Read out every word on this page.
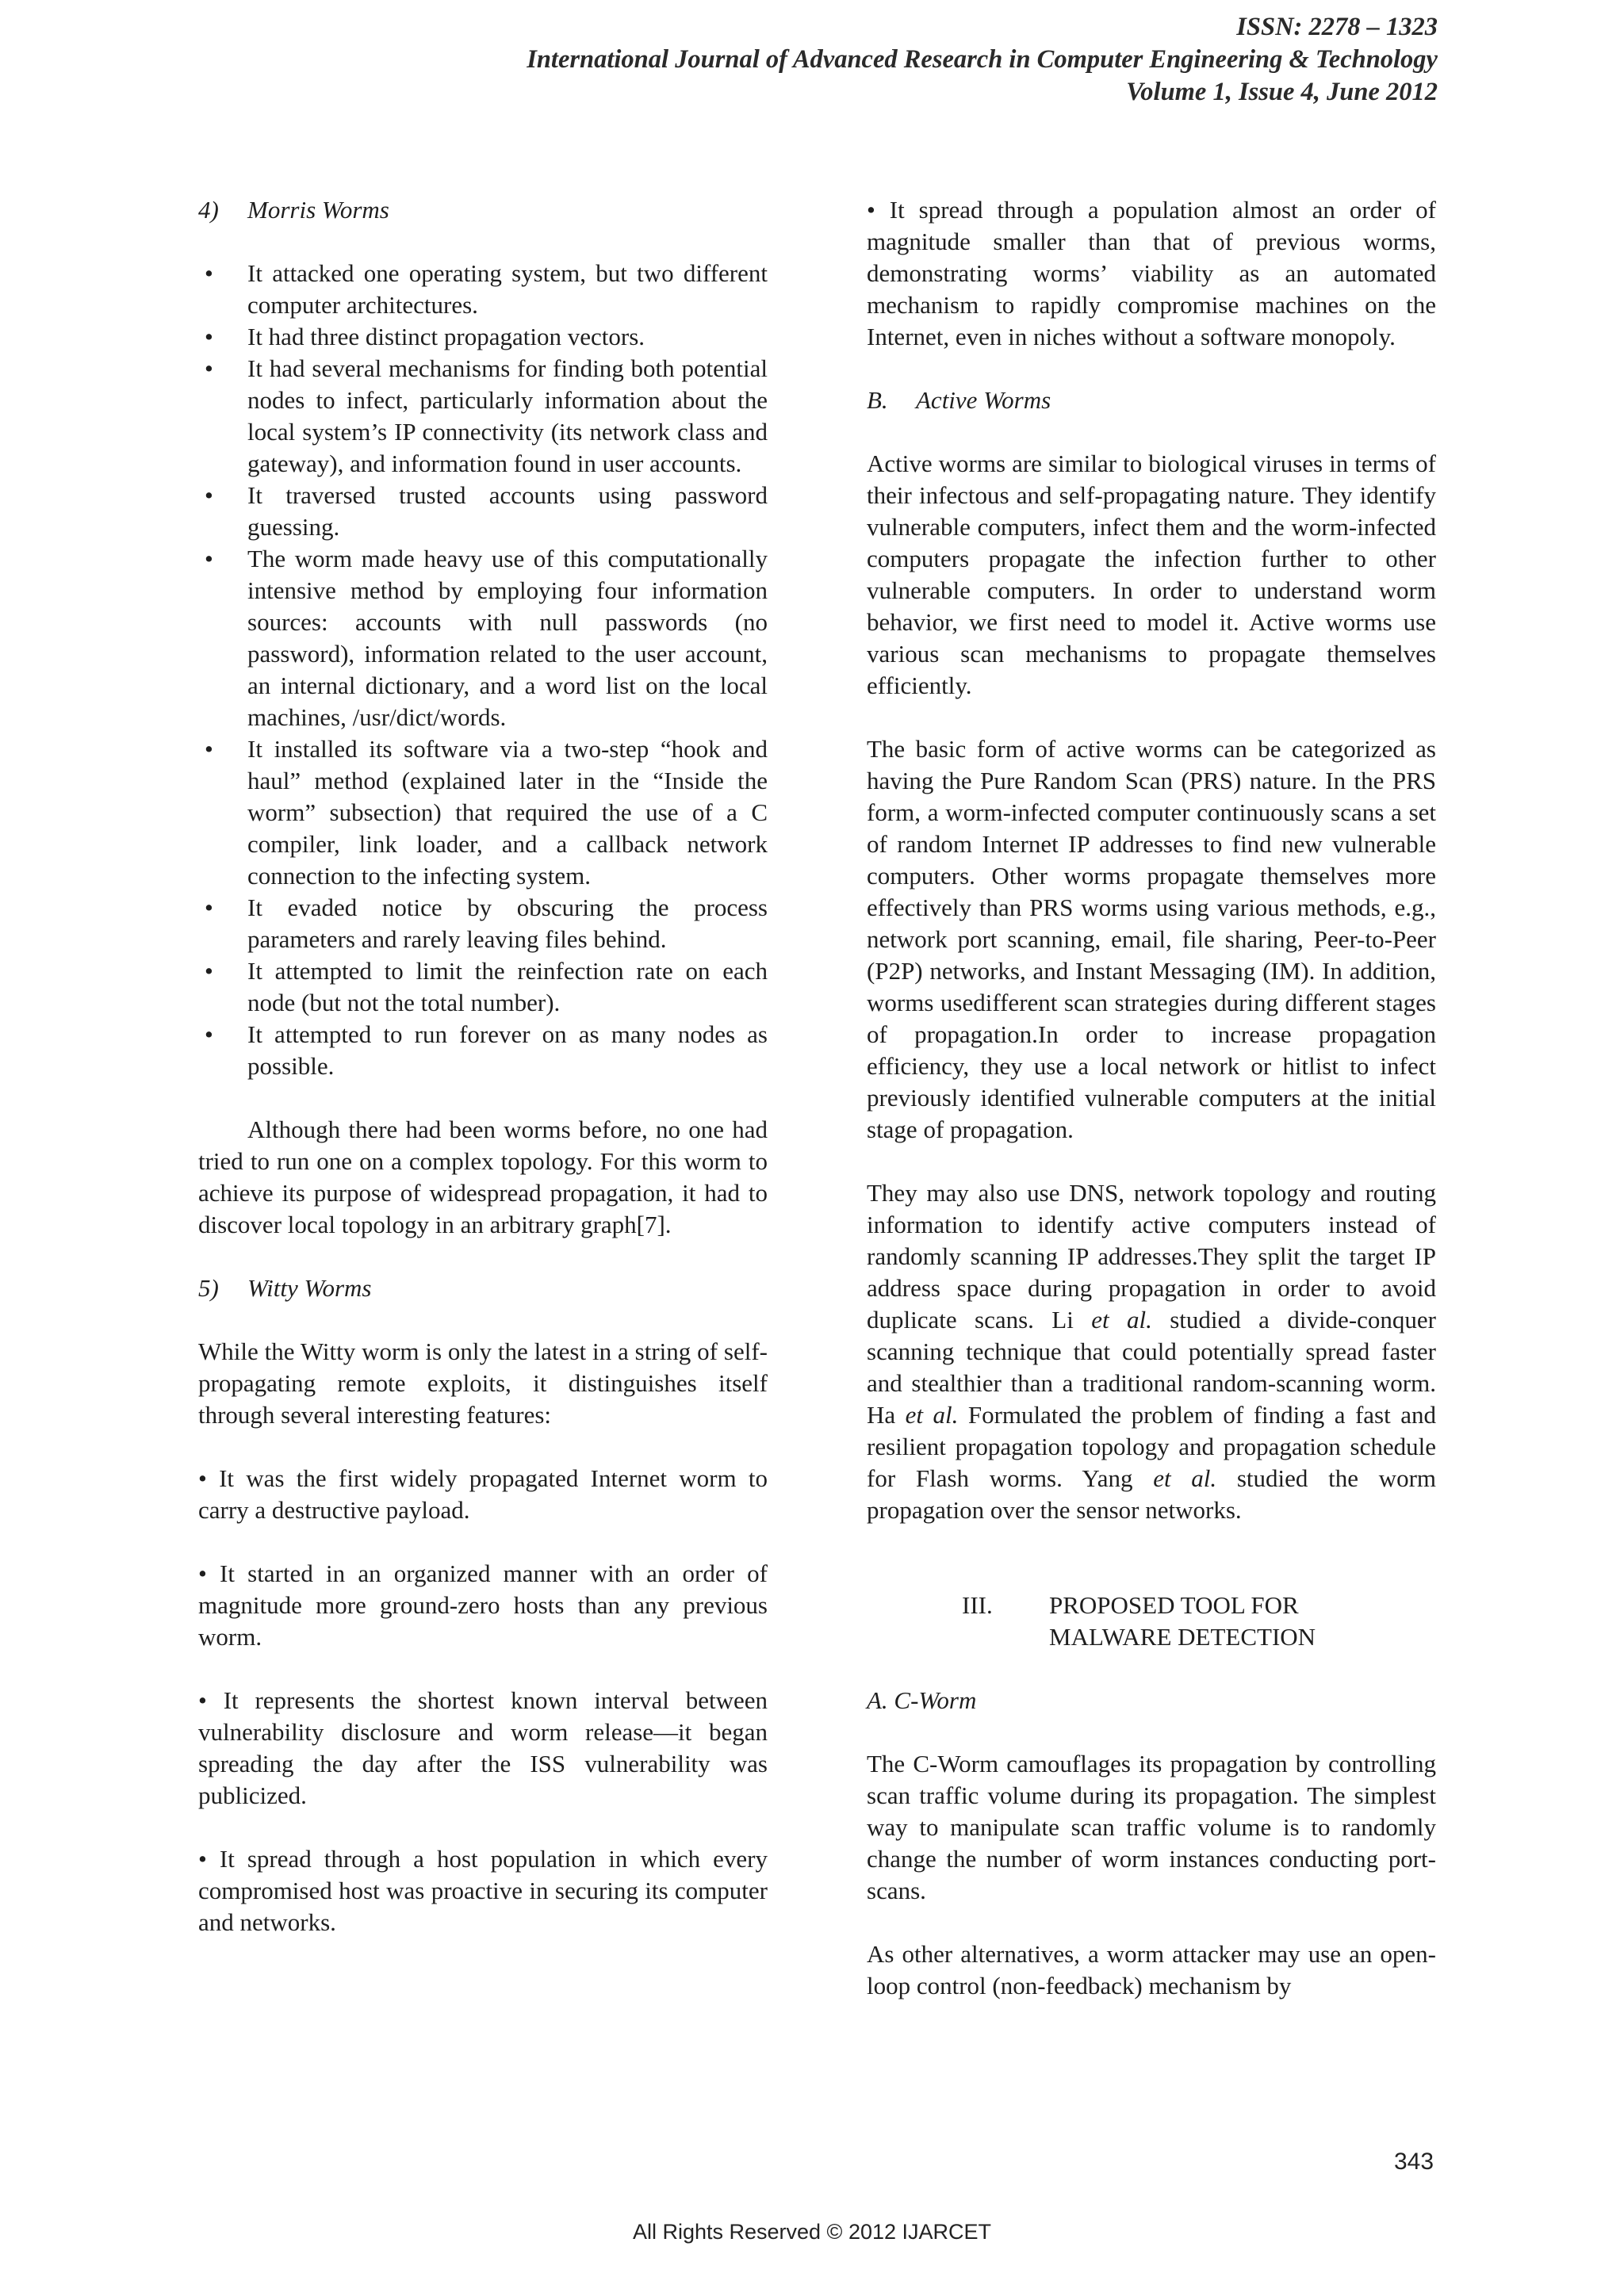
ISSN: 2278 – 1323
International Journal of Advanced Research in Computer Engineering & Technology
Volume 1, Issue 4, June 2012

4) Morris Worms

• It attacked one operating system, but two different computer architectures.
• It had three distinct propagation vectors.
• It had several mechanisms for finding both potential nodes to infect, particularly information about the local system’s IP connectivity (its network class and gateway), and information found in user accounts.
• It traversed trusted accounts using password guessing.
• The worm made heavy use of this computationally intensive method by employing four information sources: accounts with null passwords (no password), information related to the user account, an internal dictionary, and a word list on the local machines, /usr/dict/words.
• It installed its software via a two-step “hook and haul” method (explained later in the “Inside the worm” subsection) that required the use of a C compiler, link loader, and a callback network connection to the infecting system.
• It evaded notice by obscuring the process parameters and rarely leaving files behind.
• It attempted to limit the reinfection rate on each node (but not the total number).
• It attempted to run forever on as many nodes as possible.

Although there had been worms before, no one had tried to run one on a complex topology. For this worm to achieve its purpose of widespread propagation, it had to discover local topology in an arbitrary graph[7].

5) Witty Worms

While the Witty worm is only the latest in a string of self-propagating remote exploits, it distinguishes itself through several interesting features:

• It was the first widely propagated Internet worm to carry a destructive payload.

• It started in an organized manner with an order of magnitude more ground-zero hosts than any previous worm.

• It represents the shortest known interval between vulnerability disclosure and worm release—it began spreading the day after the ISS vulnerability was publicized.

• It spread through a host population in which every compromised host was proactive in securing its computer and networks.

• It spread through a population almost an order of magnitude smaller than that of previous worms, demonstrating worms’ viability as an automated mechanism to rapidly compromise machines on the Internet, even in niches without a software monopoly.

B. Active Worms

Active worms are similar to biological viruses in terms of their infectous and self-propagating nature. They identify vulnerable computers, infect them and the worm-infected computers propagate the infection further to other vulnerable computers. In order to understand worm behavior, we first need to model it. Active worms use various scan mechanisms to propagate themselves efficiently.

The basic form of active worms can be categorized as having the Pure Random Scan (PRS) nature. In the PRS form, a worm-infected computer continuously scans a set of random Internet IP addresses to find new vulnerable computers. Other worms propagate themselves more effectively than PRS worms using various methods, e.g., network port scanning, email, file sharing, Peer-to-Peer (P2P) networks, and Instant Messaging (IM). In addition, worms usedifferent scan strategies during different stages of propagation.In order to increase propagation efficiency, they use a local network or hitlist to infect previously identified vulnerable computers at the initial stage of propagation.

They may also use DNS, network topology and routing information to identify active computers instead of randomly scanning IP addresses.They split the target IP address space during propagation in order to avoid duplicate scans. Li et al. studied a divide-conquer scanning technique that could potentially spread faster and stealthier than a traditional random-scanning worm. Ha et al. Formulated the problem of finding a fast and resilient propagation topology and propagation schedule for Flash worms. Yang et al. studied the worm propagation over the sensor networks.

III. PROPOSED TOOL FOR

MALWARE DETECTION

A. C-Worm

The C-Worm camouflages its propagation by controlling scan traffic volume during its propagation. The simplest way to manipulate scan traffic volume is to randomly change the number of worm instances conducting port-scans.

As other alternatives, a worm attacker may use an open-loop control (non-feedback) mechanism by

343
All Rights Reserved © 2012 IJARCET
